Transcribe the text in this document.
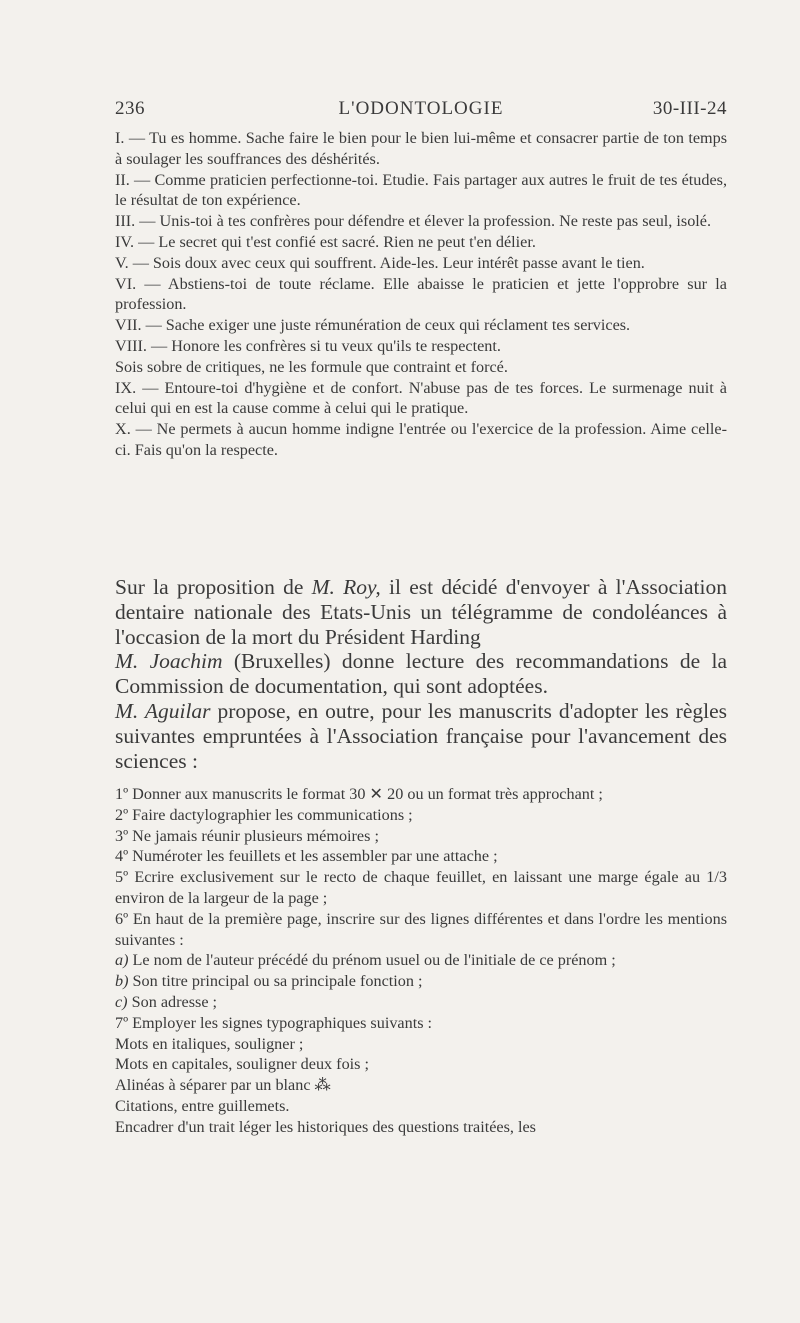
236	L'ODONTOLOGIE	30-III-24

I. — Tu es homme. Sache faire le bien pour le bien lui-même et consacrer partie de ton temps à soulager les souffrances des déshérités.

II. — Comme praticien perfectionne-toi. Etudie. Fais partager aux autres le fruit de tes études, le résultat de ton expérience.

III. — Unis-toi à tes confrères pour défendre et élever la profession. Ne reste pas seul, isolé.

IV. — Le secret qui t'est confié est sacré. Rien ne peut t'en délier.

V. — Sois doux avec ceux qui souffrent. Aide-les. Leur intérêt passe avant le tien.

VI. — Abstiens-toi de toute réclame. Elle abaisse le praticien et jette l'opprobre sur la profession.

VII. — Sache exiger une juste rémunération de ceux qui réclament tes services.

VIII. — Honore les confrères si tu veux qu'ils te respectent.

Sois sobre de critiques, ne les formule que contraint et forcé.

IX. — Entoure-toi d'hygiène et de confort. N'abuse pas de tes forces. Le surmenage nuit à celui qui en est la cause comme à celui qui le pratique.

X. — Ne permets à aucun homme indigne l'entrée ou l'exercice de la profession. Aime celle-ci. Fais qu'on la respecte.

Sur la proposition de M. Roy, il est décidé d'envoyer à l'Association dentaire nationale des Etats-Unis un télégramme de condoléances à l'occasion de la mort du Président Harding

M. Joachim (Bruxelles) donne lecture des recommandations de la Commission de documentation, qui sont adoptées.

M. Aguilar propose, en outre, pour les manuscrits d'adopter les règles suivantes empruntées à l'Association française pour l'avancement des sciences :

1º Donner aux manuscrits le format 30 ✕ 20 ou un format très approchant ;

2º Faire dactylographier les communications ;

3º Ne jamais réunir plusieurs mémoires ;

4º Numéroter les feuillets et les assembler par une attache ;

5º Ecrire exclusivement sur le recto de chaque feuillet, en laissant une marge égale au 1/3 environ de la largeur de la page ;

6º En haut de la première page, inscrire sur des lignes différentes et dans l'ordre les mentions suivantes :

a) Le nom de l'auteur précédé du prénom usuel ou de l'initiale de ce prénom ;

b) Son titre principal ou sa principale fonction ;

c) Son adresse ;

7º Employer les signes typographiques suivants :

Mots en italiques, souligner ;

Mots en capitales, souligner deux fois ;

Alinéas à séparer par un blanc ⁂

Citations, entre guillemets.

Encadrer d'un trait léger les historiques des questions traitées, les
